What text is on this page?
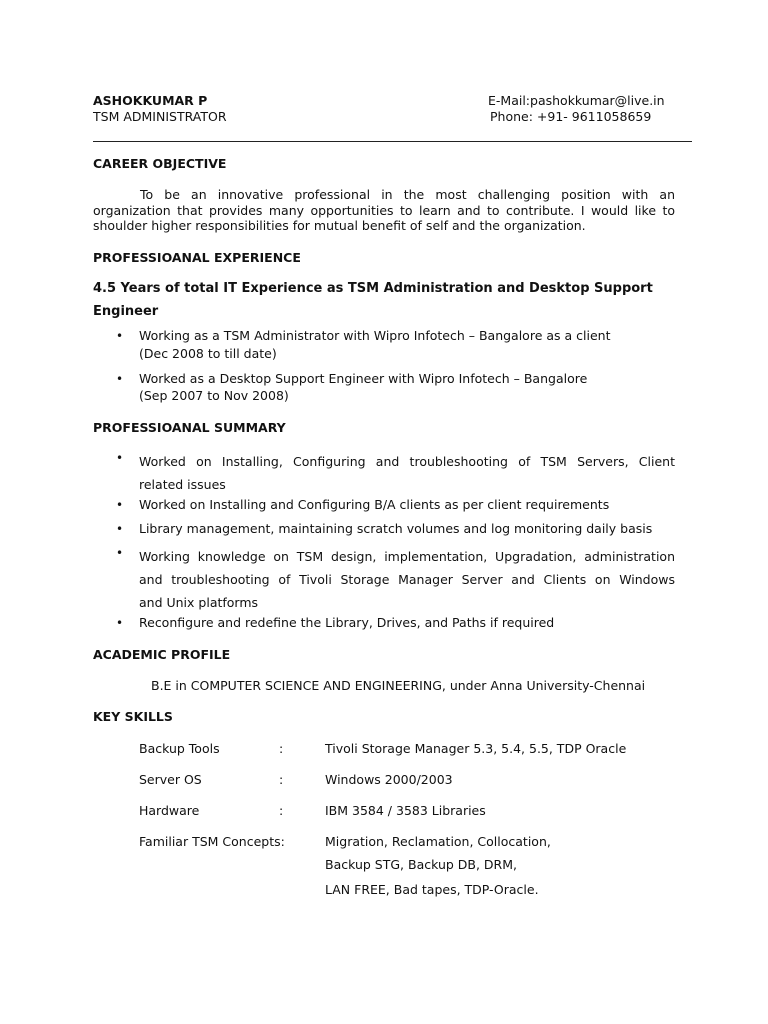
ASHOKKUMAR P
TSM ADMINISTRATOR
E-Mail:pashokkumar@live.in
Phone: +91- 9611058659
CAREER OBJECTIVE
To be an innovative professional in the most challenging position with an
organization that provides many opportunities to learn and to contribute. I would like to
shoulder higher responsibilities for mutual benefit of self and the organization.
PROFESSIOANAL EXPERIENCE
4.5 Years of total IT Experience as TSM Administration and Desktop Support
Engineer
• Working as a TSM Administrator with Wipro Infotech – Bangalore as a client
(Dec 2008 to till date)
• Worked as a Desktop Support Engineer with Wipro Infotech – Bangalore
(Sep 2007 to Nov 2008)
PROFESSIOANAL SUMMARY
• Worked on Installing, Configuring and troubleshooting of TSM Servers, Client
related issues
• Worked on Installing and Configuring B/A clients as per client requirements
• Library management, maintaining scratch volumes and log monitoring daily basis
• Working knowledge on TSM design, implementation, Upgradation, administration
and troubleshooting of Tivoli Storage Manager Server and Clients on Windows
and Unix platforms
• Reconfigure and redefine the Library, Drives, and Paths if required
ACADEMIC PROFILE
B.E in COMPUTER SCIENCE AND ENGINEERING, under Anna University-Chennai
KEY SKILLS
Backup Tools	:	Tivoli Storage Manager 5.3, 5.4, 5.5, TDP Oracle
Server OS	:	Windows 2000/2003
Hardware	:	IBM 3584 / 3583 Libraries
Familiar TSM Concepts:	Migration, Reclamation, Collocation,
Backup STG, Backup DB, DRM,
LAN FREE, Bad tapes, TDP-Oracle.
